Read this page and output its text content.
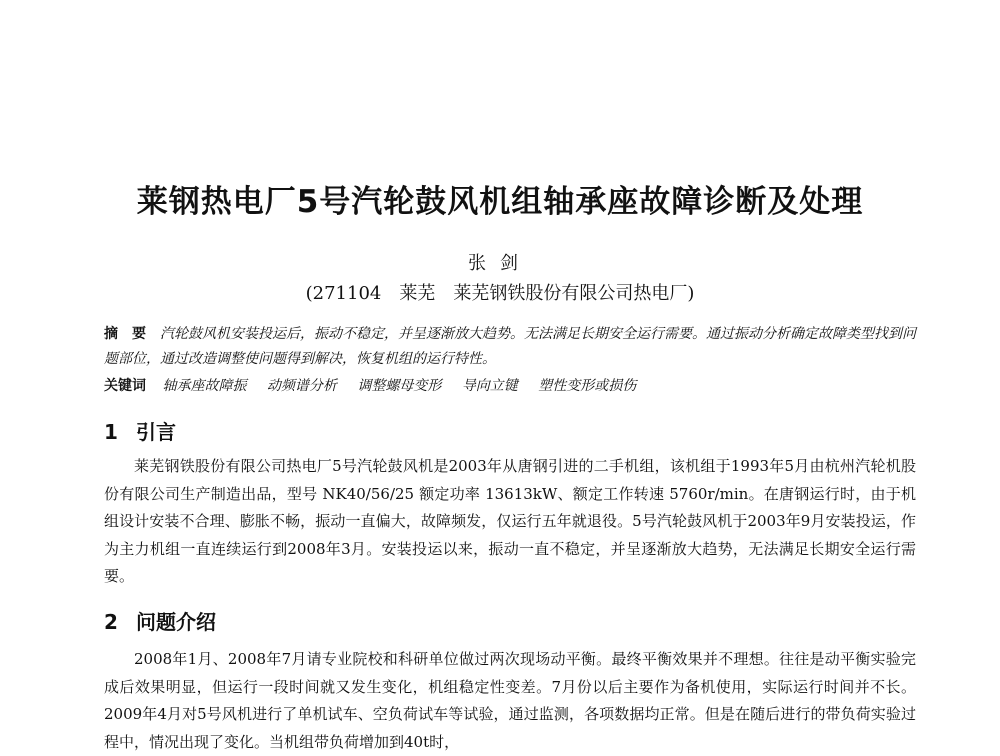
莱钢热电厂5号汽轮鼓风机组轴承座故障诊断及处理
张剑
(271104　莱芜　莱芜钢铁股份有限公司热电厂)
摘　要 汽轮鼓风机安装投运后，振动不稳定，并呈逐渐放大趋势。无法满足长期安全运行需要。通过振动分析确定故障类型找到问题部位，通过改造调整使问题得到解决，恢复机组的运行特性。
关键词 轴承座故障振 动频谱分析 调整螺母变形 导向立键 塑性变形或损伤
1 引言
莱芜钢铁股份有限公司热电厂5号汽轮鼓风机是2003年从唐钢引进的二手机组，该机组于1993年5月由杭州汽轮机股份有限公司生产制造出品，型号 NK40/56/25 额定功率 13613kW、额定工作转速 5760r/min。在唐钢运行时，由于机组设计安装不合理、膨胀不畅，振动一直偏大，故障频发，仅运行五年就退役。5号汽轮鼓风机于2003年9月安装投运，作为主力机组一直连续运行到2008年3月。安装投运以来，振动一直不稳定，并呈逐渐放大趋势，无法满足长期安全运行需要。
2 问题介绍
2008年1月、2008年7月请专业院校和科研单位做过两次现场动平衡。最终平衡效果并不理想。往往是动平衡实验完成后效果明显，但运行一段时间就又发生变化，机组稳定性变差。7月份以后主要作为备机使用，实际运行时间并不长。2009年4月对5号风机进行了单机试车、空负荷试车等试验，通过监测，各项数据均正常。但是在随后进行的带负荷实验过程中，情况出现了变化。当机组带负荷增加到40t时，
